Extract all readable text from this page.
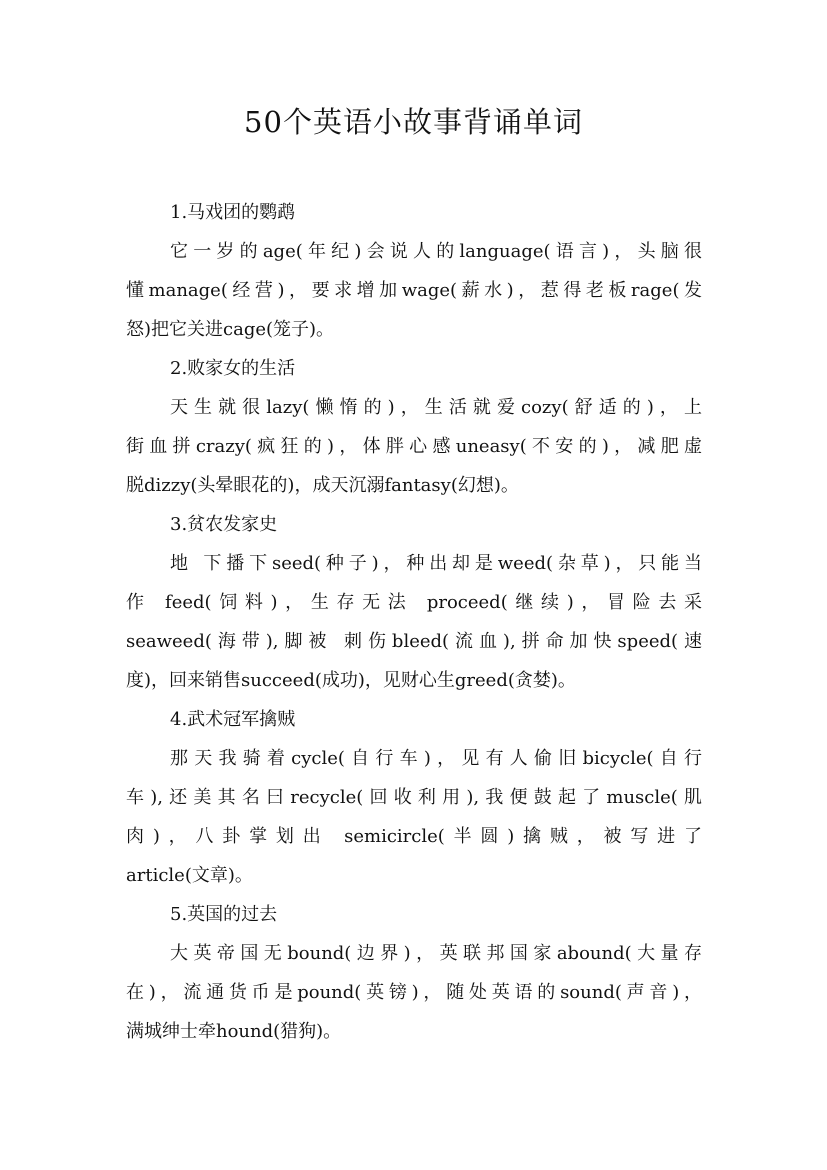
50个英语小故事背诵单词
1.马戏团的鹦鹉
它一岁的age(年纪)会说人的language(语言)，头脑很
懂manage(经营)，要求增加wage(薪水)，惹得老板rage(发
怒)把它关进cage(笼子)。
2.败家女的生活
天生就很lazy(懒惰的)，生活就爱cozy(舒适的)，上
街血拼crazy(疯狂的)，体胖心感uneasy(不安的)，减肥虚
脱dizzy(头晕眼花的)，成天沉溺fantasy(幻想)。
3.贫农发家史
地 下播下seed(种子)，种出却是weed(杂草)，只能当
作 feed(饲料)，生存无法 proceed(继续)，冒险去采
seaweed(海带),脚被 刺伤bleed(流血),拼命加快speed(速
度)，回来销售succeed(成功)，见财心生greed(贪婪)。
4.武术冠军擒贼
那天我骑着cycle(自行车)，见有人偷旧bicycle(自行
车),还美其名曰recycle(回收利用),我便鼓起了muscle(肌
肉)，八卦掌划出 semicircle(半圆)擒贼，被写进了
article(文章)。
5.英国的过去
大英帝国无bound(边界)，英联邦国家abound(大量存
在)，流通货币是pound(英镑)，随处英语的sound(声音)，
满城绅士牵hound(猎狗)。
